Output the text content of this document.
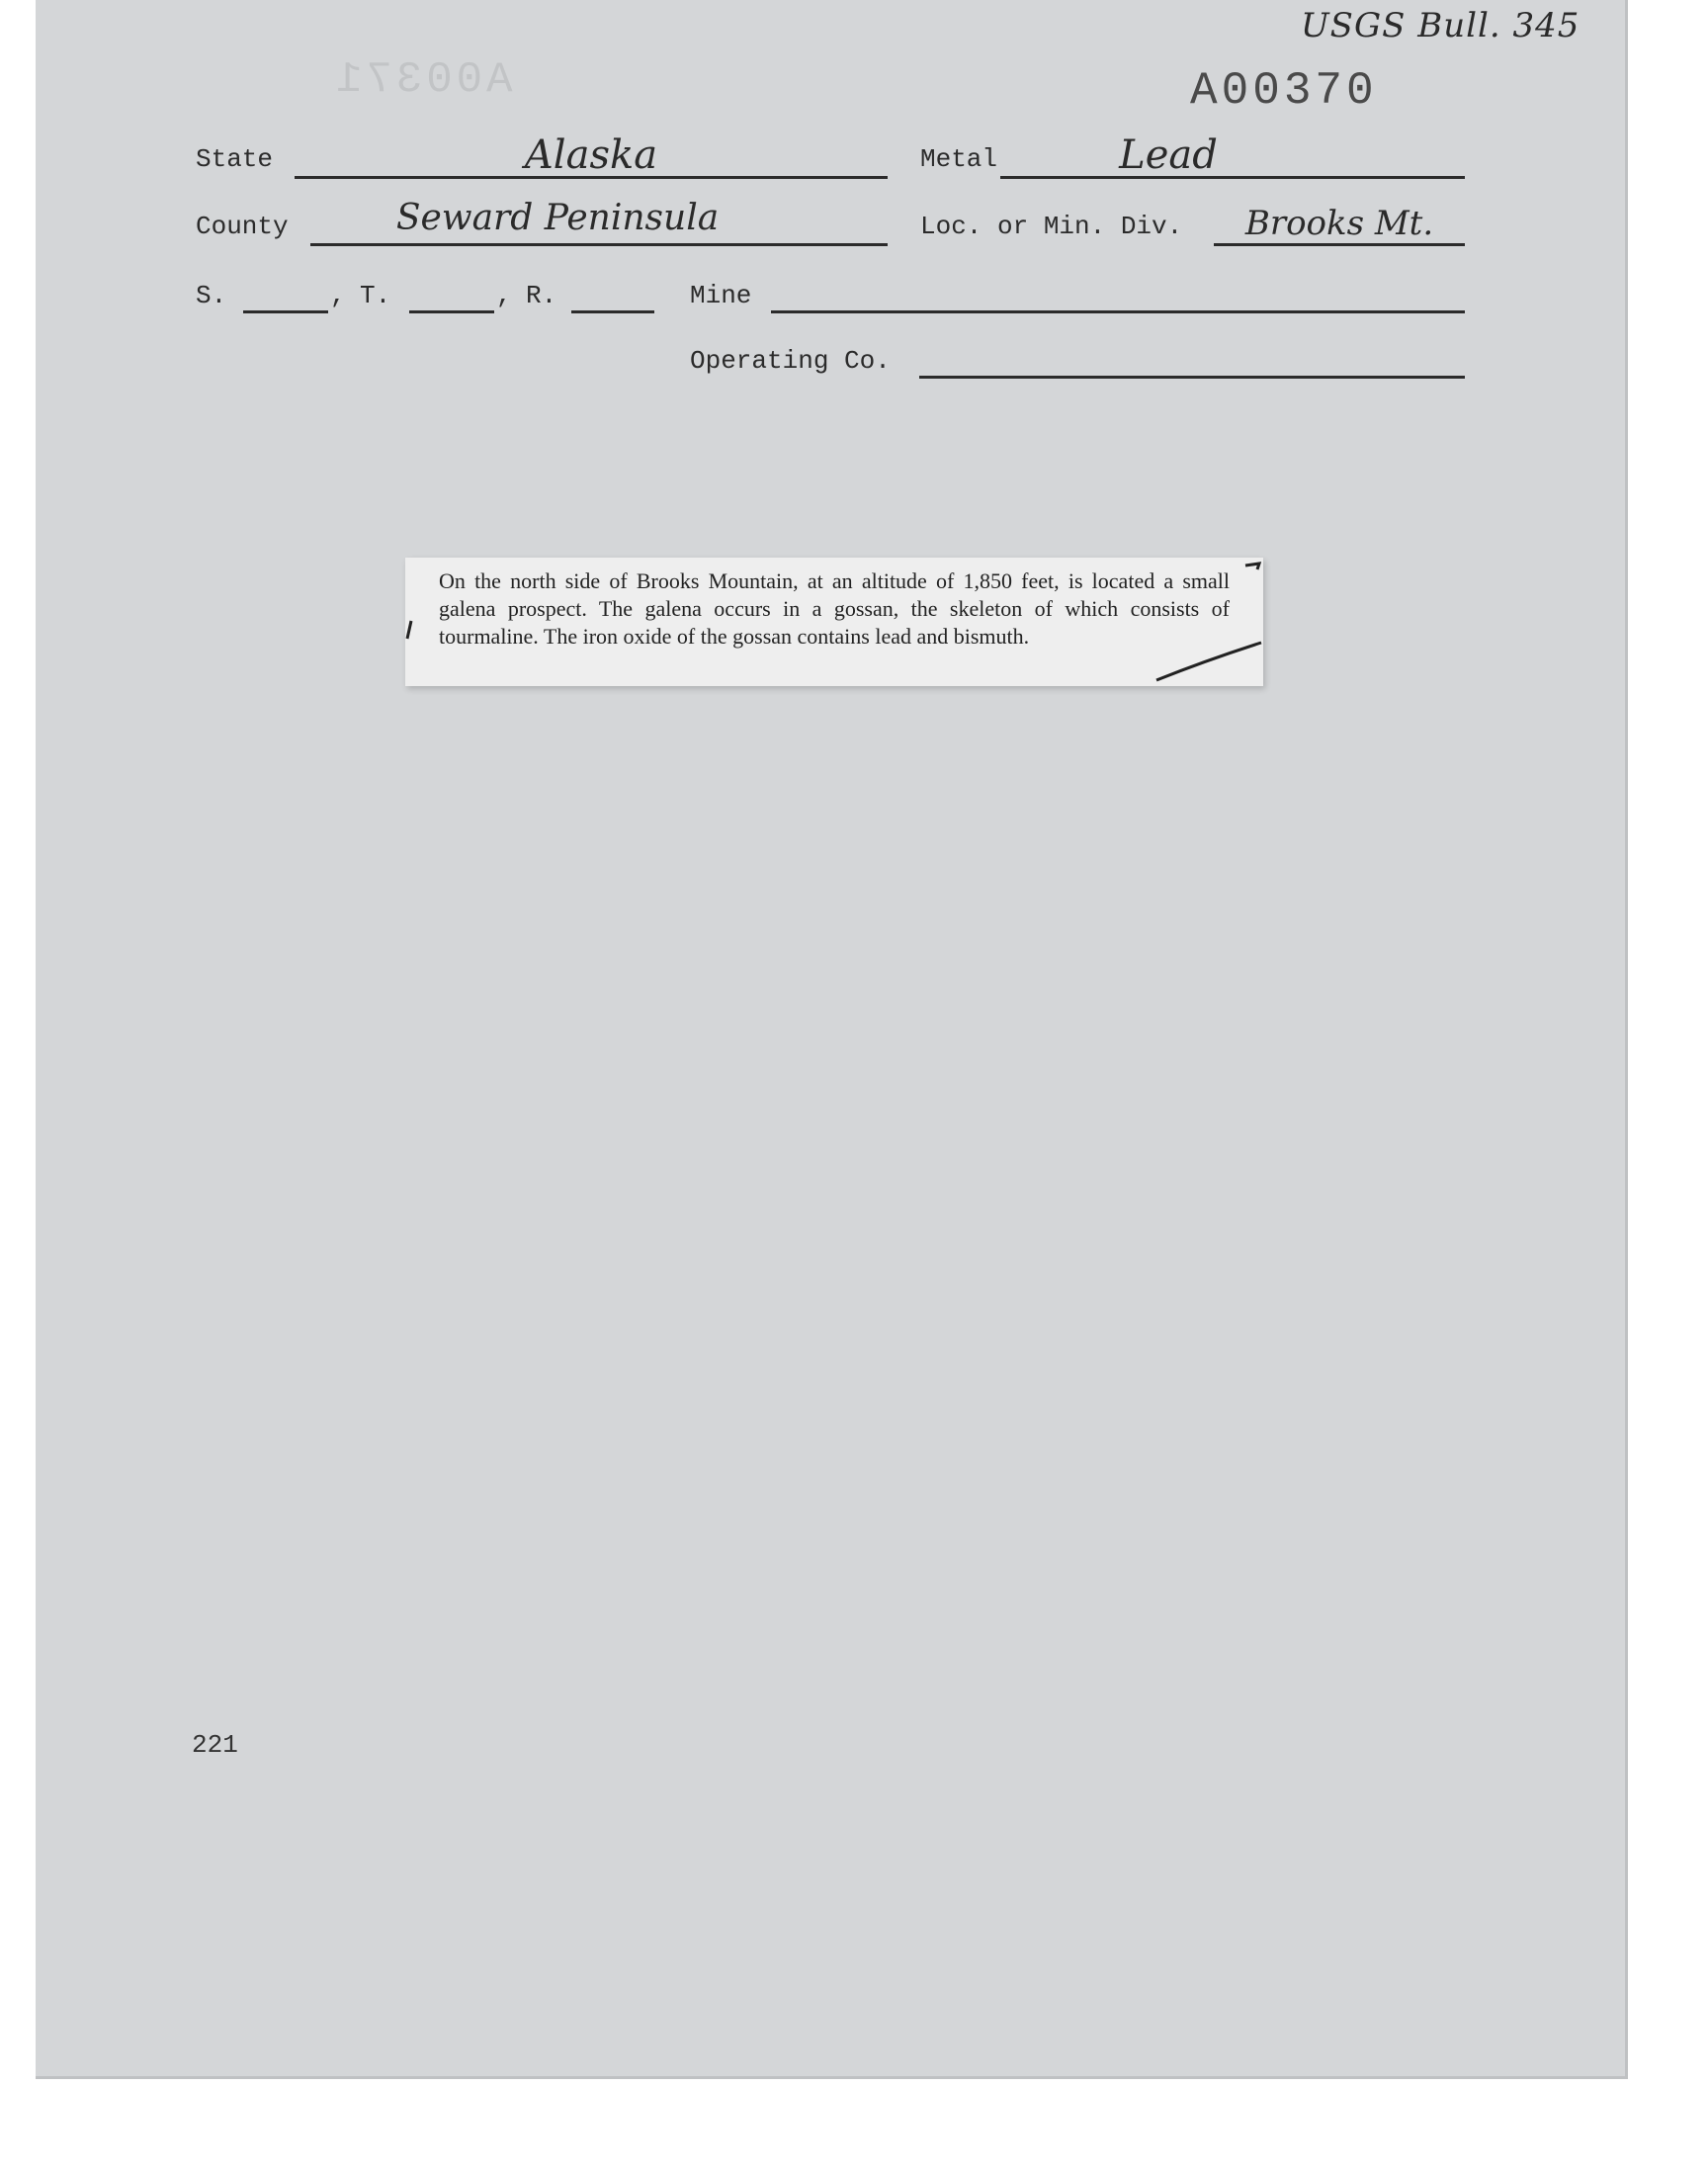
USGS Bull. 345
A00371	A00370
State	Alaska	Metal	Lead
County	Seward Peninsula	Loc. or Min. Div.	Brooks Mt.
S.	, T.	, R.	Mine
Operating Co.
On the north side of Brooks Mountain, at an altitude of 1,850 feet, is located a small galena prospect. The galena occurs in a gossan, the skeleton of which consists of tourmaline. The iron oxide of the gossan contains lead and bismuth.
221
